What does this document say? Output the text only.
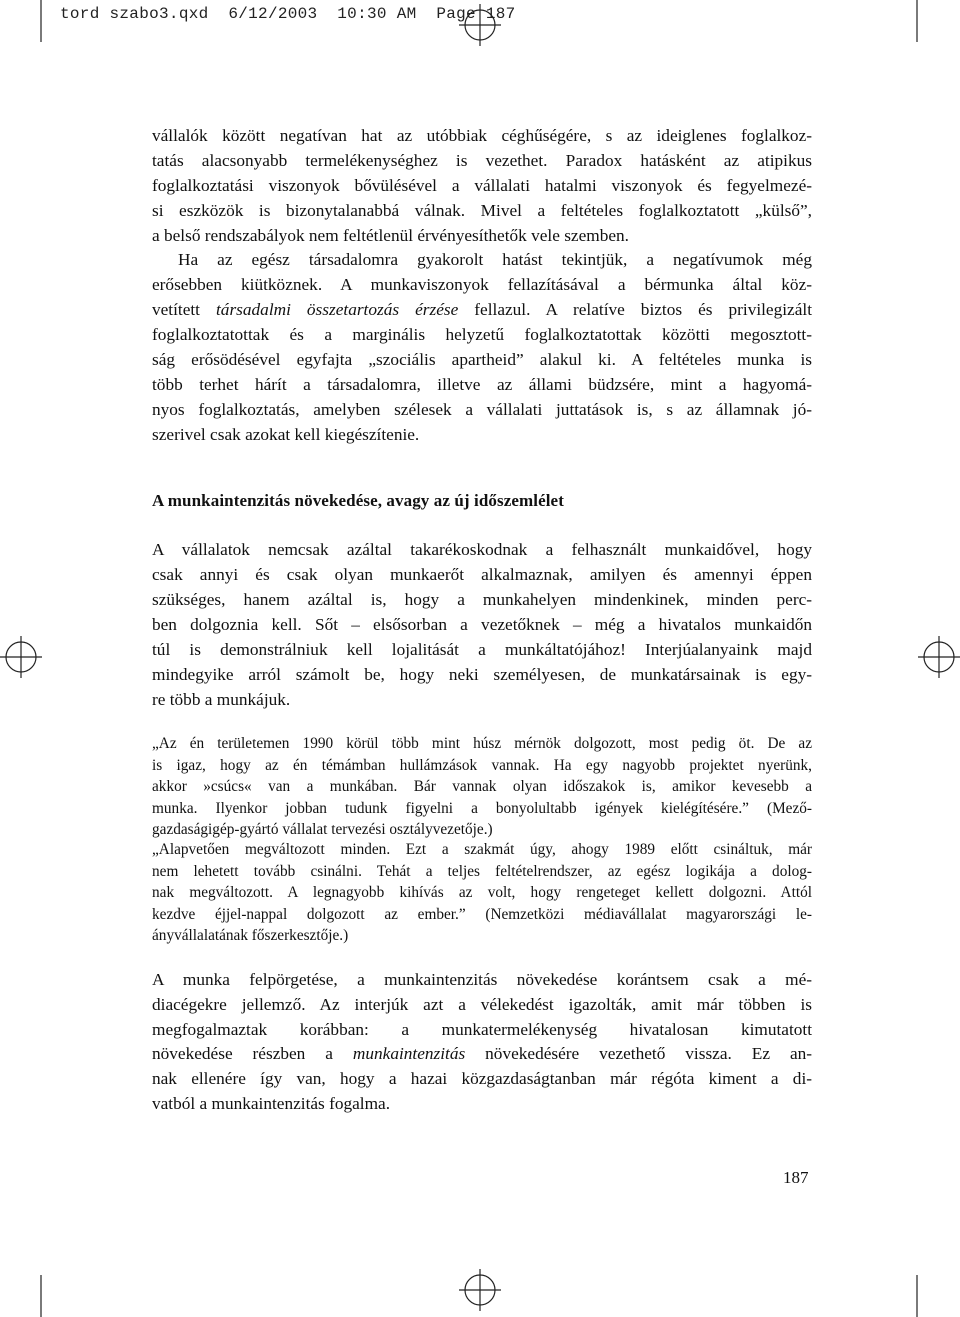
tord szabo3.qxd 6/12/2003 10:30 AM Page 187
vállalók között negatívan hat az utóbbiak céghűségére, s az ideiglenes foglalkoz-
tatás alacsonyabb termelékenységhez is vezethet. Paradox hatásként az atipikus
foglalkoztatási viszonyok bővülésével a vállalati hatalmi viszonyok és fegyelmezé-
si eszközök is bizonytalanabbá válnak. Mivel a feltételes foglalkoztatott „külső”,
a belső rendszabályok nem feltétlenül érvényesíthetők vele szemben.
Ha az egész társadalomra gyakorolt hatást tekintjük, a negatívumok még
erősebben kiütköznek. A munkaviszonyok fellazításával a bérmunka által köz-
vetített társadalmi összetartozás érzése fellazul. A relatíve biztos és privilegizált
foglalkoztatottak és a marginális helyzetű foglalkoztatottak közötti megosztott-
ság erősödésével egyfajta „szociális apartheid” alakul ki. A feltételes munka is
több terhet hárít a társadalomra, illetve az állami büdzsére, mint a hagyomá-
nyos foglalkoztatás, amelyben szélesek a vállalati juttatások is, s az államnak jó-
szerivel csak azokat kell kiegészítenie.
A munkaintenzitás növekedése, avagy az új időszemlélet
A vállalatok nemcsak azáltal takarékoskodnak a felhasznált munkaidővel, hogy
csak annyi és csak olyan munkaerőt alkalmaznak, amilyen és amennyi éppen
szükséges, hanem azáltal is, hogy a munkahelyen mindenkinek, minden perc-
ben dolgoznia kell. Sőt – elsősorban a vezetőknek – még a hivatalos munkaidőn
túl is demonstrálniuk kell lojalitását a munkáltatójához! Interjúalanyaink majd
mindegyike arról számolt be, hogy neki személyesen, de munkatársainak is egy-
re több a munkájuk.
„Az én területemen 1990 körül több mint húsz mérnök dolgozott, most pedig öt. De az
is igaz, hogy az én témámban hullámzások vannak. Ha egy nagyobb projektet nyerünk,
akkor »csúcs« van a munkában. Bár vannak olyan időszakok is, amikor kevesebb a
munka. Ilyenkor jobban tudunk figyelni a bonyolultabb igények kielégítésére.” (Mező-
gazdaságigép-gyártó vállalat tervezési osztályvezetője.)
„Alapvetően megváltozott minden. Ezt a szakmát úgy, ahogy 1989 előtt csináltuk, már
nem lehetett tovább csinálni. Tehát a teljes feltételrendszer, az egész logikája a dolog-
nak megváltozott. A legnagyobb kihívás az volt, hogy rengeteget kellett dolgozni. Attól
kezdve éjjel-nappal dolgozott az ember.” (Nemzetközi médiavállalat magyarországi le-
ányvállalatának főszerkesztője.)
A munka felpörgetése, a munkaintenzitás növekedése korántsem csak a mé-
diacégekre jellemző. Az interjúk azt a vélekedést igazolták, amit már többen is
megfogalmaztak korábban: a munkatermelékenység hivatalosan kimutatott
növekedése részben a munkaintenzitás növekedésére vezethető vissza. Ez an-
nak ellenére így van, hogy a hazai közgazdaságtanban már régóta kiment a di-
vatból a munkaintenzitás fogalma.
187
